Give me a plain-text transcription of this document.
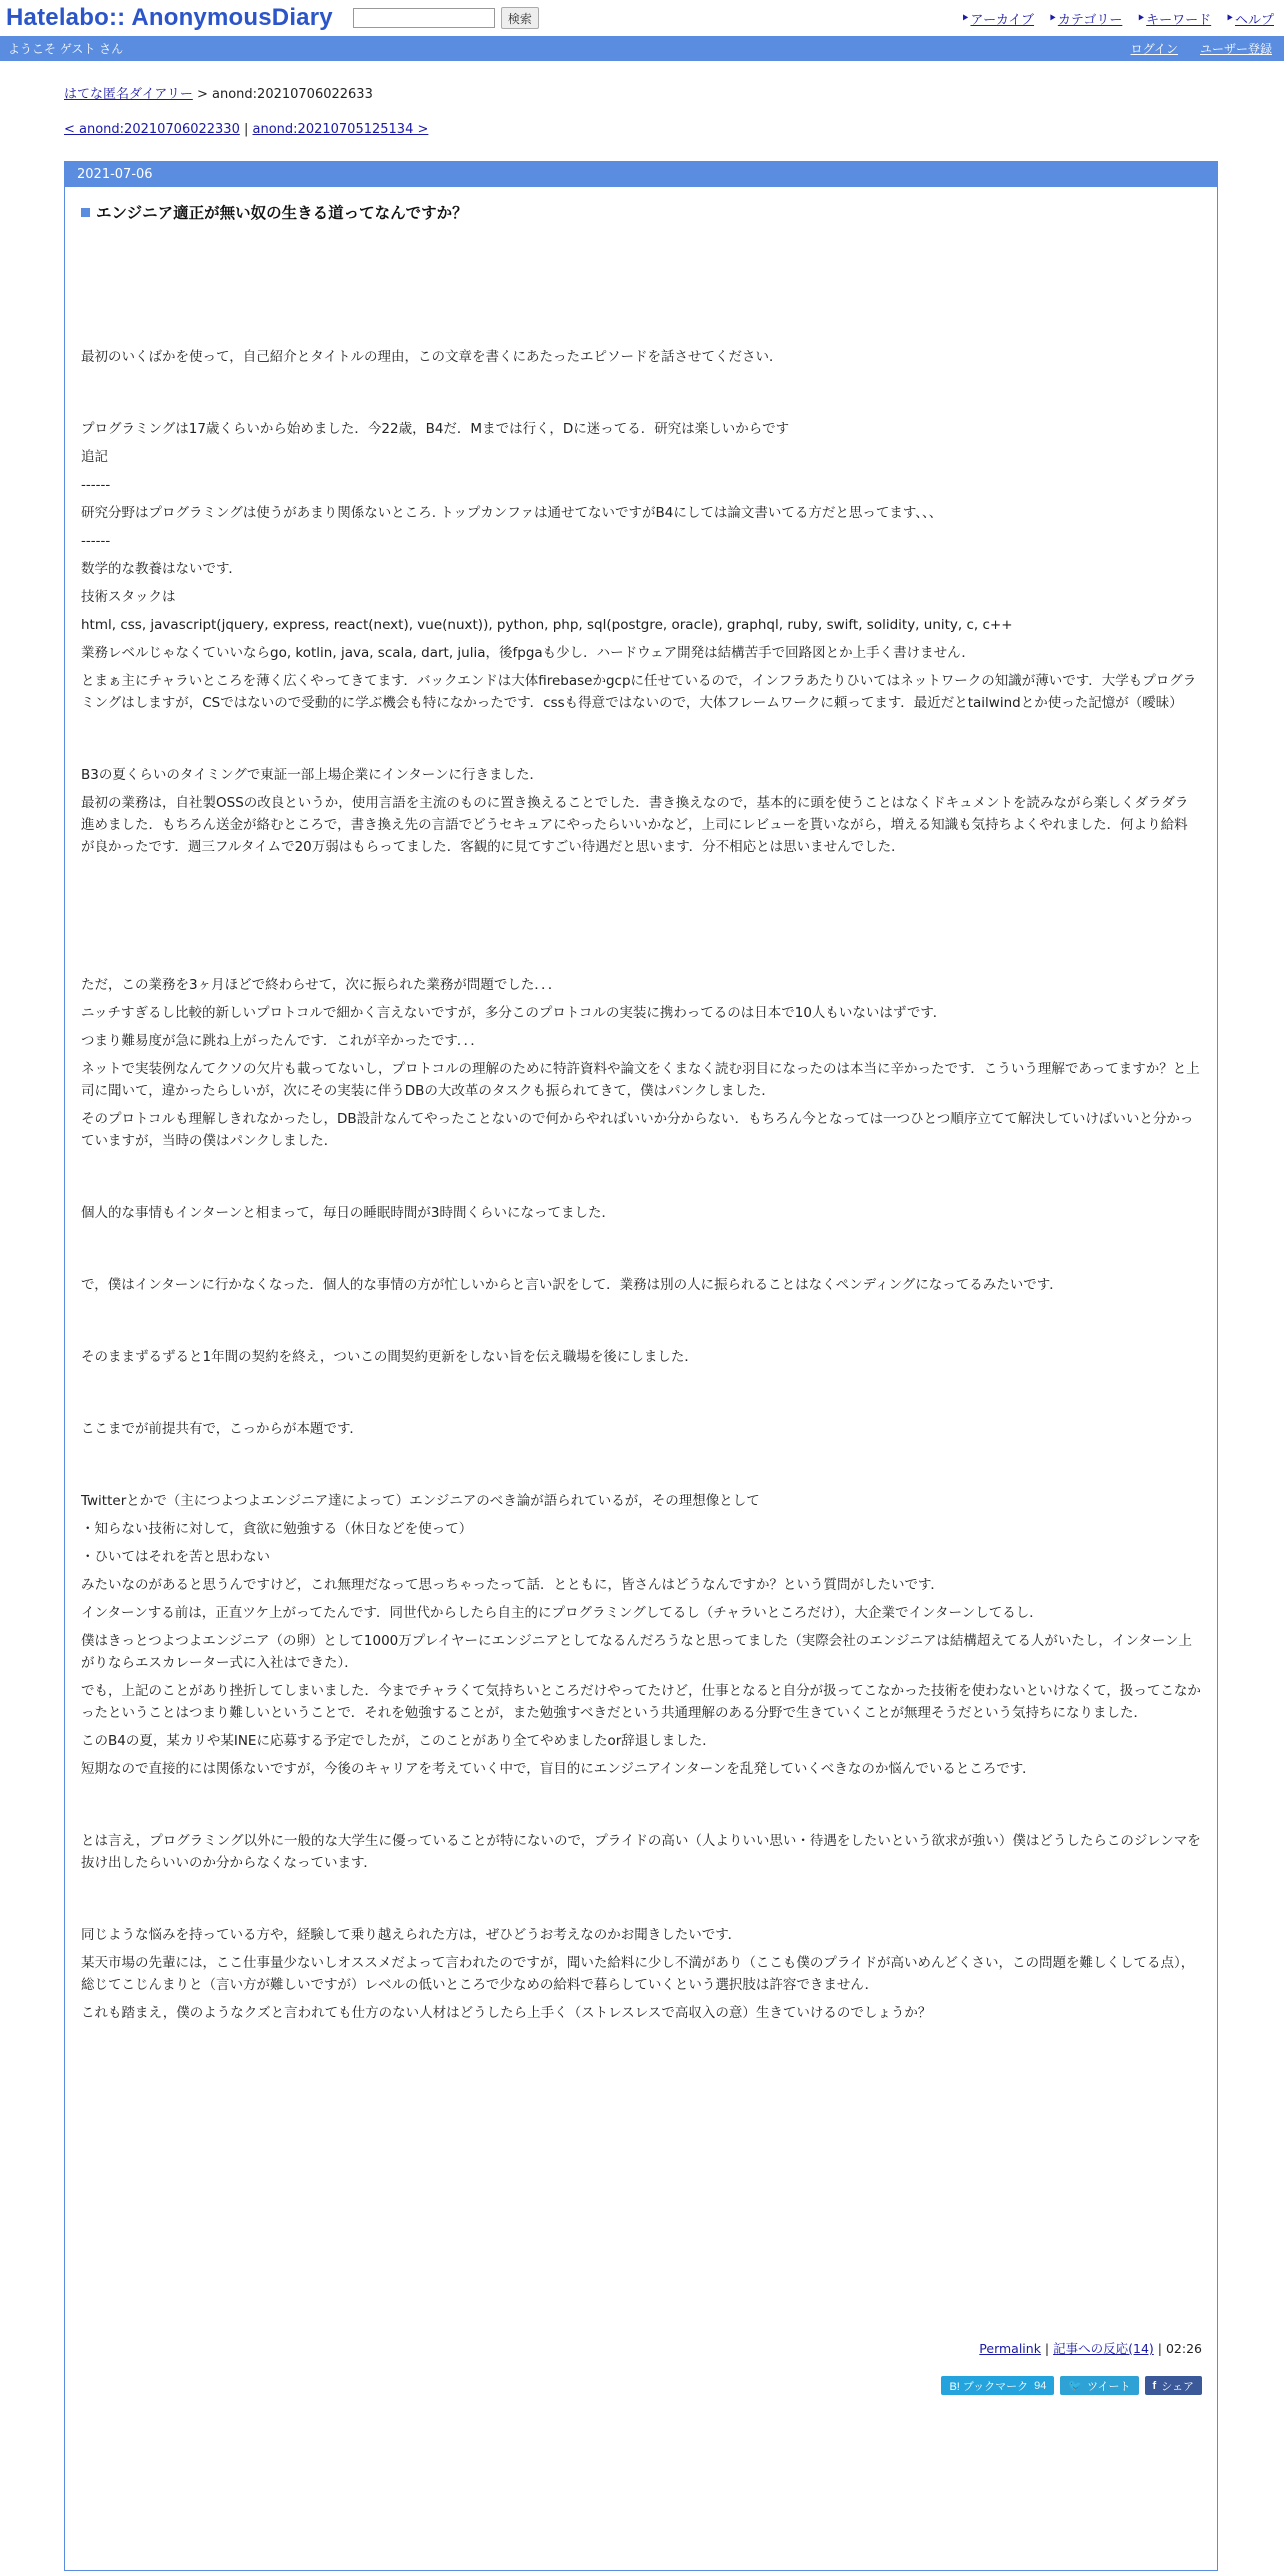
Hatelabo:: AnonymousDiary	検索	⯈ アーカイブ ⯈ カテゴリー ⯈ キーワード ⯈ ヘルプ
ようこそ ゲスト さん	ログイン ユーザー登録
はてな匿名ダイアリー > anond:20210706022633
< anond:20210706022330 | anond:20210705125134 >
2021-07-06
エンジニア適正が無い奴の生きる道ってなんですか？

最初のいくばかを使って，自己紹介とタイトルの理由，この文章を書くにあたったエピソードを話させてください．

プログラミングは17歳くらいから始めました．今22歳，B4だ．Mまでは行く，Dに迷ってる．研究は楽しいからです

追記

------

研究分野はプログラミングは使うがあまり関係ないところ. トップカンファは通せてないですがB4にしては論文書いてる方だと思ってます、、、

------

数学的な教養はないです．

技術スタックは

html, css, javascript(jquery, express, react(next), vue(nuxt)), python, php, sql(postgre, oracle), graphql, ruby, swift, solidity, unity, c, c++

業務レベルじゃなくていいならgo, kotlin, java, scala, dart, julia，後fpgaも少し．ハードウェア開発は結構苦手で回路図とか上手く書けません．

とまぁ主にチャラいところを薄く広くやってきてます．バックエンドは大体firebaseかgcpに任せているので，インフラあたりひいてはネットワークの知識が薄いです．大学もプログラミングはしますが，CSではないので受動的に学ぶ機会も特になかったです．cssも得意ではないので，大体フレームワークに頼ってます．最近だとtailwindとか使った記憶が（曖昧）

B3の夏くらいのタイミングで東証一部上場企業にインターンに行きました．

最初の業務は，自社製OSSの改良というか，使用言語を主流のものに置き換えることでした．書き換えなので，基本的に頭を使うことはなくドキュメントを読みながら楽しくダラダラ進めました．もちろん送金が絡むところで，書き換え先の言語でどうセキュアにやったらいいかなど，上司にレビューを貰いながら，増える知識も気持ちよくやれました．何より給料が良かったです．週三フルタイムで20万弱はもらってました．客観的に見てすごい待遇だと思います．分不相応とは思いませんでした．

ただ，この業務を3ヶ月ほどで終わらせて，次に振られた業務が問題でした．．．

ニッチすぎるし比較的新しいプロトコルで細かく言えないですが，多分このプロトコルの実装に携わってるのは日本で10人もいないはずです．

つまり難易度が急に跳ね上がったんです．これが辛かったです．．．

ネットで実装例なんてクソの欠片も載ってないし，プロトコルの理解のために特許資料や論文をくまなく読む羽目になったのは本当に辛かったです．こういう理解であってますか？と上司に聞いて，違かったらしいが，次にその実装に伴うDBの大改革のタスクも振られてきて，僕はパンクしました．

そのプロトコルも理解しきれなかったし，DB設計なんてやったことないので何からやればいいか分からない．もちろん今となっては一つひとつ順序立てて解決していけばいいと分かっていますが，当時の僕はパンクしました．

個人的な事情もインターンと相まって，毎日の睡眠時間が3時間くらいになってました．

で，僕はインターンに行かなくなった．個人的な事情の方が忙しいからと言い訳をして．業務は別の人に振られることはなくペンディングになってるみたいです．

そのままずるずると1年間の契約を終え，ついこの間契約更新をしない旨を伝え職場を後にしました．

ここまでが前提共有で，こっからが本題です．

Twitterとかで（主につよつよエンジニア達によって）エンジニアのべき論が語られているが，その理想像として

・知らない技術に対して，貪欲に勉強する（休日などを使って）

・ひいてはそれを苦と思わない

みたいなのがあると思うんですけど，これ無理だなって思っちゃったって話．とともに，皆さんはどうなんですか？という質問がしたいです．

インターンする前は，正直ツケ上がってたんです．同世代からしたら自主的にプログラミングしてるし（チャラいところだけ），大企業でインターンしてるし．

僕はきっとつよつよエンジニア（の卵）として1000万プレイヤーにエンジニアとしてなるんだろうなと思ってました（実際会社のエンジニアは結構超えてる人がいたし，インターン上がりならエスカレーター式に入社はできた）．

でも，上記のことがあり挫折してしまいました．今までチャラくて気持ちいところだけやってたけど，仕事となると自分が扱ってこなかった技術を使わないといけなくて，扱ってこなかったということはつまり難しいということで．それを勉強することが，また勉強すべきだという共通理解のある分野で生きていくことが無理そうだという気持ちになりました．

このB4の夏，某カリや某INEに応募する予定でしたが，このことがあり全てやめましたor辞退しました．

短期なので直接的には関係ないですが，今後のキャリアを考えていく中で，盲目的にエンジニアインターンを乱発していくべきなのか悩んでいるところです．

とは言え，プログラミング以外に一般的な大学生に優っていることが特にないので，プライドの高い（人よりいい思い・待遇をしたいという欲求が強い）僕はどうしたらこのジレンマを抜け出したらいいのか分からなくなっています．

同じような悩みを持っている方や，経験して乗り越えられた方は，ぜひどうお考えなのかお聞きしたいです．

某天市場の先輩には，ここ仕事量少ないしオススメだよって言われたのですが，聞いた給料に少し不満があり（ここも僕のプライドが高いめんどくさい，この問題を難しくしてる点），総じてこじんまりと（言い方が難しいですが）レベルの低いところで少なめの給料で暮らしていくという選択肢は許容できません．

これも踏まえ，僕のようなクズと言われても仕方のない人材はどうしたら上手く（ストレスレスで高収入の意）生きていけるのでしょうか？

Permalink | 記事への反応(14) | 02:26
B! ブックマーク 94 🐦 ツイート f シェア
